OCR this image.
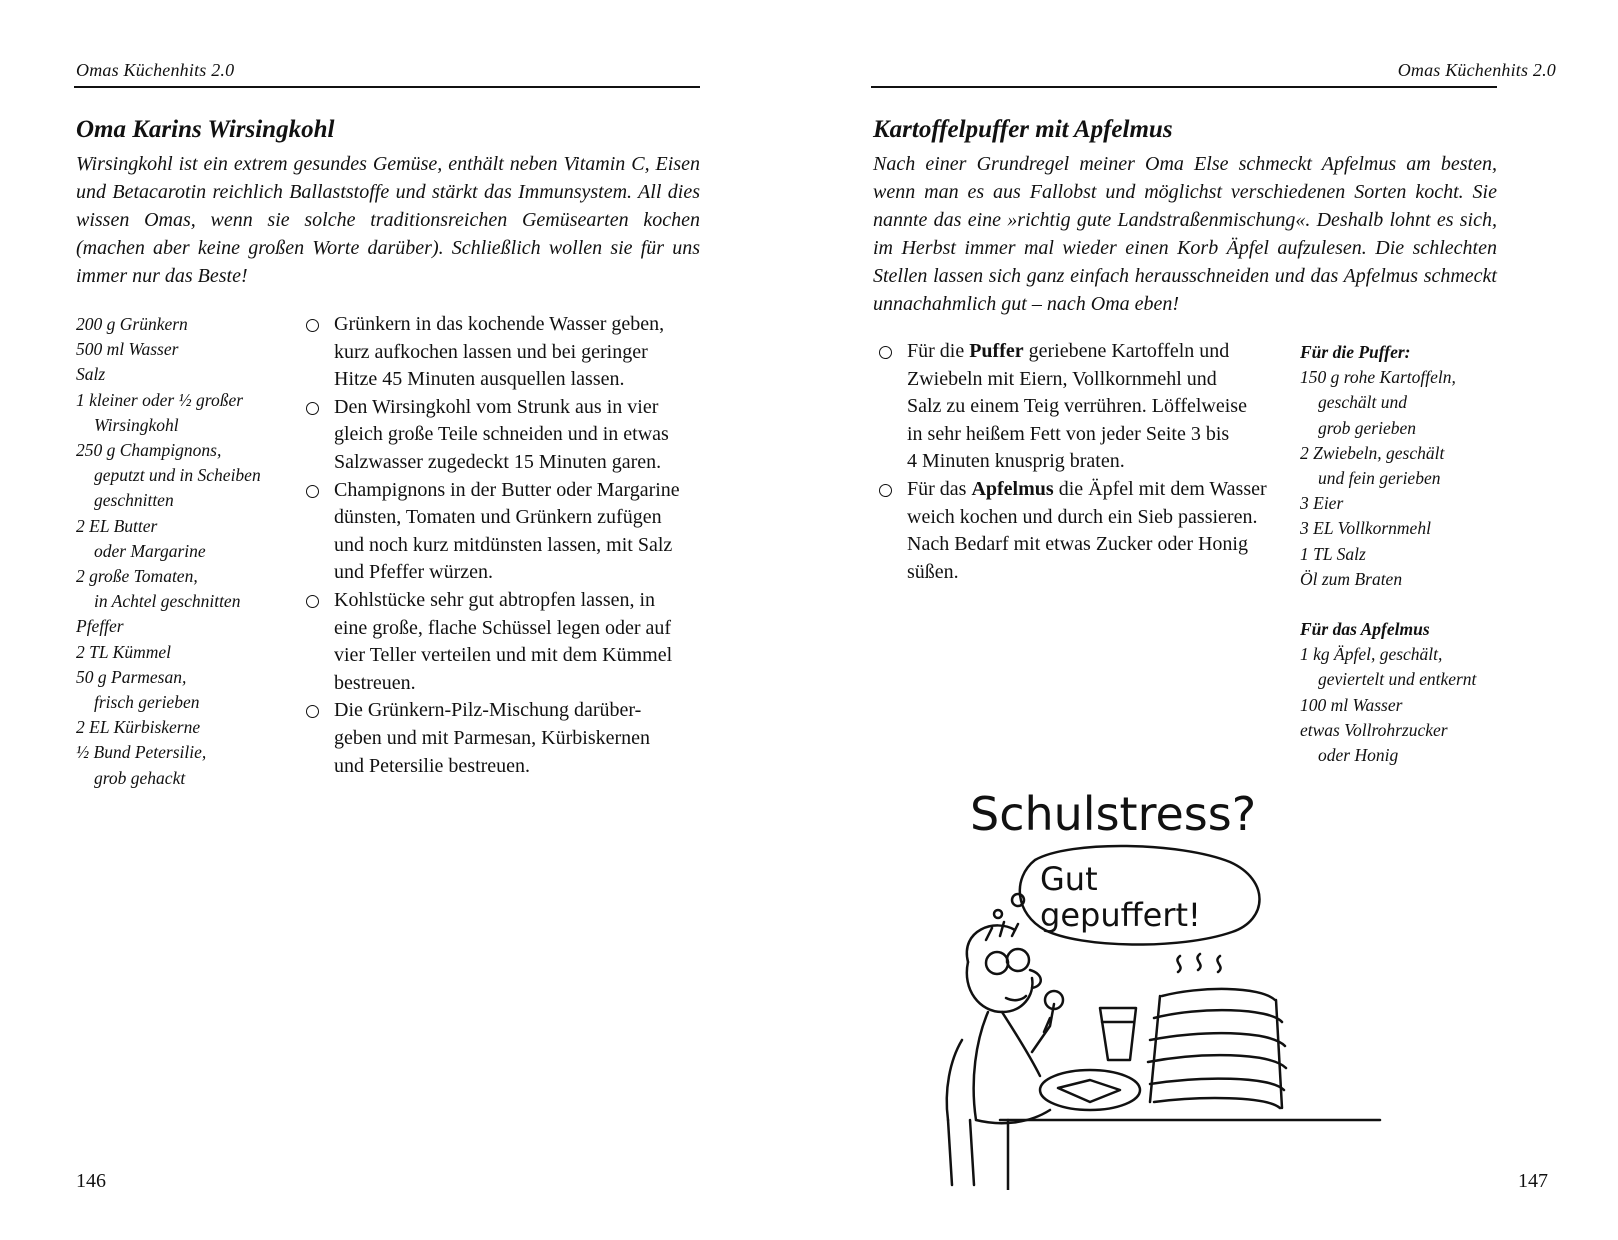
Omas Küchenhits 2.0
Oma Karins Wirsingkohl

Wirsingkohl ist ein extrem gesundes Gemüse, enthält neben Vitamin C, Eisen und Betacarotin reichlich Ballaststoffe und stärkt das Immunsystem. All dies wissen Omas, wenn sie solche traditionsreichen Gemüsearten kochen (machen aber keine großen Worte darüber). Schließlich wollen sie für uns immer nur das Beste!

200 g Grünkern
500 ml Wasser
Salz
1 kleiner oder ½ großer
Wirsingkohl
250 g Champignons,
geputzt und in Scheiben
geschnitten
2 EL Butter
oder Margarine
2 große Tomaten,
in Achtel geschnitten
Pfeffer
2 TL Kümmel
50 g Parmesan,
frisch gerieben
2 EL Kürbiskerne
½ Bund Petersilie,
grob gehackt
Grünkern in das kochende Wasser geben,
kurz aufkochen lassen und bei geringer
Hitze 45 Minuten ausquellen lassen.
Den Wirsingkohl vom Strunk aus in vier
gleich große Teile schneiden und in etwas
Salzwasser zugedeckt 15 Minuten garen.
Champignons in der Butter oder Margarine
dünsten, Tomaten und Grünkern zufügen
und noch kurz mitdünsten lassen, mit Salz
und Pfeffer würzen.
Kohlstücke sehr gut abtropfen lassen, in
eine große, flache Schüssel legen oder auf
vier Teller verteilen und mit dem Kümmel
bestreuen.
Die Grünkern-Pilz-Mischung darüber-
geben und mit Parmesan, Kürbiskernen
und Petersilie bestreuen.
146
Omas Küchenhits 2.0
Kartoffelpuffer mit Apfelmus

Nach einer Grundregel meiner Oma Else schmeckt Apfelmus am besten, wenn man es aus Fallobst und möglichst verschiedenen Sorten kocht. Sie nannte das eine »richtig gute Landstraßenmischung«. Deshalb lohnt es sich, im Herbst immer mal wieder einen Korb Äpfel aufzulesen. Die schlechten Stellen lassen sich ganz einfach herausschneiden und das Apfelmus schmeckt unnachahmlich gut – nach Oma eben!

Für die Puffer geriebene Kartoffeln und
Zwiebeln mit Eiern, Vollkornmehl und
Salz zu einem Teig verrühren. Löffelweise
in sehr heißem Fett von jeder Seite 3 bis
4 Minuten knusprig braten.
Für das Apfelmus die Äpfel mit dem Wasser
weich kochen und durch ein Sieb passieren.
Nach Bedarf mit etwas Zucker oder Honig
süßen.
Für die Puffer:
150 g rohe Kartoffeln,
geschält und
grob gerieben
2 Zwiebeln, geschält
und fein gerieben
3 Eier
3 EL Vollkornmehl
1 TL Salz
Öl zum Braten
Für das Apfelmus
1 kg Äpfel, geschält,
geviertelt und entkernt
100 ml Wasser
etwas Vollrohrzucker
oder Honig
147
Schulstress?
Gut
gepuffert!
